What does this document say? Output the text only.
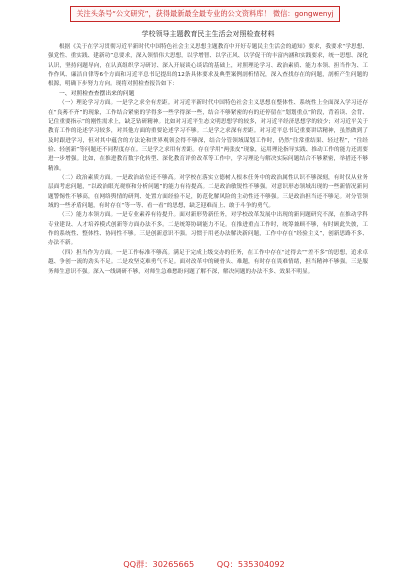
关注头条号“公文研究”，获得最新最全最专业的公文资料库！ 微信：gongwenyj
学校领导主题教育民主生活会对照检查材料

根据《关于在学习贯彻习近平新时代中国特色社会主义思想主题教育中开好专题民主生活会的通知》要求，我要求“学思想、强党性、重实践、建新功”总要求，深入领悟伟大思想，以学增智、以学正风、以学促干的丰富内涵和实践要求，统一思想、深化认识，坚持问题导向，在认真组织学习研讨、深入开展谈心谈话的基础上，对照理论学习、政治素质、能力本领、担当作为、工作作风、廉洁自律等6个方面和习近平总书记提出的12条具体要求及典型案例剖析情况，深入查找存在的问题，剖析产生问题的根源，明确下步努力方向。现将对照检查报告如下：

一、对照检查查摆出来的问题

（一）理论学习方面。一是学之求全有差距。对习近平新时代中国特色社会主义思想在整体性、系统性上全面深入学习还存在“良莠不齐”的现象，工作结合紧密的学得多一些学得深一些，结合不够紧密的有的还停留在“划划重点”阶段，背着读、会背、记住重要指示”的刚性需求上，缺乏钻研精神。比如对习近平生态文明思想学的较多，对习近平经济思想学的较少；对习近平关于教育工作的论述学习较多，对其他方面的重要论述学习不够。二是学之求深有差距。对习近平总书记重要讲话精神，虽然做到了及时跟进学习，但对其中蕴含的方法论和世界观领会得不够深，结合分管领域谋划工作时，仍然“往常重结果、轻过程”，“往经验、轻创新”等问题还不同程度存在。三是学之求用有差距。存在学用“两张皮”现象，运用理论指导实践、推动工作的能力还需要进一步增强。比如，在推进教育数字化转型、深化教育评价改革等工作中，学习理论与解决实际问题结合不够紧密，举措还不够精准。

（二）政治素质方面。一是政治站位还不够高。对学校在落实立德树人根本任务中的政治属性认识不够深刻，有时仅从业务层面考虑问题，“以政治眼光观察和分析问题”的能力有待提高。二是政治敏锐性不够强。对意识形态领域出现的一些新情况新问题警惕性不够高，在网络舆情的研判、处置方面经验不足，防范化解风险的主动性还不够强。三是政治担当还不够足。对分管领域的一些矛盾问题，有时存在“等一等、看一看”的思想，缺乏迎难而上、敢于斗争的勇气。

（三）能力本领方面。一是专业素养有待提升。面对新形势新任务，对学校改革发展中出现的新问题研究不深，在推动学科专业建设、人才培养模式创新等方面办法不多。二是统筹协调能力不足。在推进重点工作时，统筹兼顾不够，有时顾此失彼，工作的系统性、整体性、协同性不够。三是创新意识不强。习惯于用老办法解决新问题，工作中存在“经验主义”，创新思路不多、办法不新。

（四）担当作为方面。一是工作标准不够高。满足于完成上级交办的任务，在工作中存在“过得去”“差不多”的思想，追求卓越、争创一流的劲头不足。二是攻坚克难勇气不足。面对改革中的硬骨头、难题，有时存在畏难情绪，担当精神不够强。三是服务师生意识不强。深入一线调研不够，对师生急难愁盼问题了解不深，解决问题的办法不多、效果不明显。

QQ群：30265665	QQ：535304092
